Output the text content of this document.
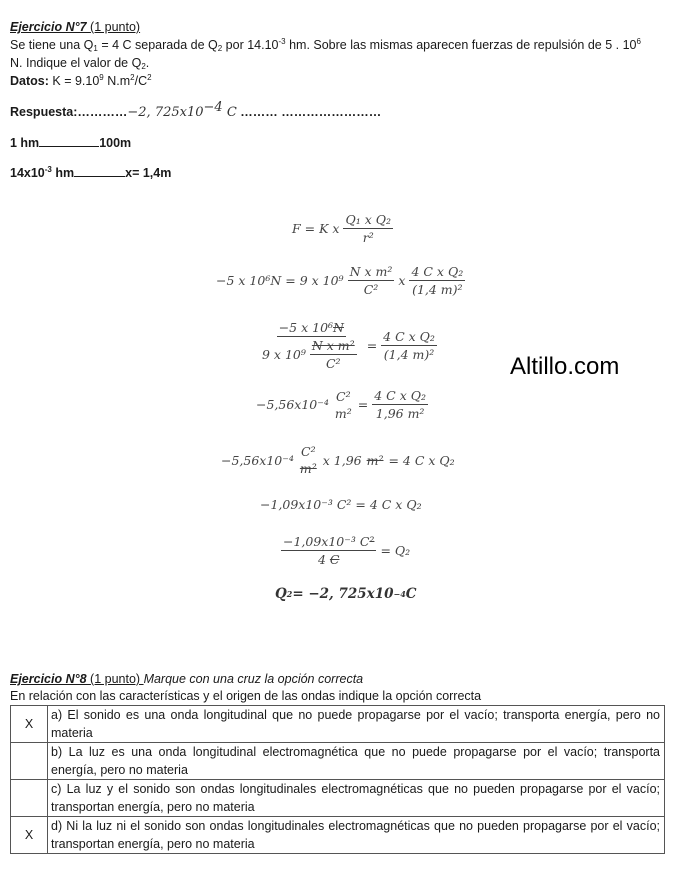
Ejercicio N°7 (1 punto)
Se tiene una $Q_1 = 4$ C separada de $Q_2$ por $14.10^{-3}$ hm. Sobre las mismas aparecen fuerzas de repulsión de 5 . $10^6$
N. Indique el valor de $Q_2$.
Datos: $K = 9.10^9$ $N.m^2/C^2$
Respuesta:…………−2, $725x10^{-4}$ C ……… ……………………
1 hm	100m
$14x10^{-3}$ hm	x= 1,4m
F = K x $\frac{\text{Q₁ x Q₂}}{\text{r²}}$
−5 x 10⁶N = 9 x $10^9 \frac{\text{N x m²}}{\text{C²}}$ x $\frac{\text{4 C x Q₂}}{\text{(1,4 m)²}}$
$\frac{\text{−5 x 10⁶N}}{9 x 10^9 \frac{\text{N x m²}}{\text{C²}}} = \frac{\text{4 C x Q₂}}{\text{(1,4 m)²}}$
−5,56x10⁻⁴
C²
m²
= $\frac{\text{4 C x Q₂}}{\text{1,96 m²}}$
−5,56x10⁻⁴
C²
m²
x 1,96 m² = 4 C x Q₂
−1,09x10⁻³ C² = 4 C x Q₂
$\frac{\text{−1,09x10⁻³ C²}}{4 C} = Q_2$
Q 2 = −2, 725x10 −4 C
Altillo.com
Ejercicio N°8 (1 punto) Marque con una cruz la opción correcta
En relación con las características y el origen de las ondas indique la opción correcta
X	a) El sonido es una onda longitudinal que no puede propagarse por el vacío; transporta energía, pero no materia
	b) La luz es una onda longitudinal electromagnética que no puede propagarse por el vacío; transporta energía, pero no materia
	c) La luz y el sonido son ondas longitudinales electromagnéticas que no pueden propagarse por el vacío; transportan energía, pero no materia
X	d) Ni la luz ni el sonido son ondas longitudinales electromagnéticas que no pueden propagarse por el vacío; transportan energía, pero no materia
